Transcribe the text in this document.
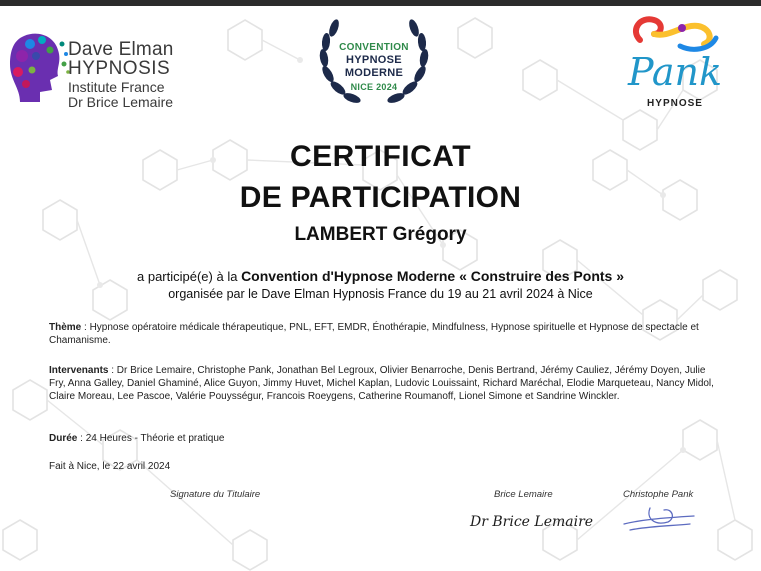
Dave Elman
HYPNOSIS
Institute France
Dr Brice Lemaire
CONVENTION
HYPNOSE
MODERNE
NICE 2024	Pank
HYPNOSE
CERTIFICAT
DE PARTICIPATION
LAMBERT Grégory
a participé(e) à la Convention d'Hypnose Moderne « Construire des Ponts »
organisée par le Dave Elman Hypnosis France du 19 au 21 avril 2024 à Nice
Thème : Hypnose opératoire médicale thérapeutique, PNL, EFT, EMDR, Énothérapie, Mindfulness, Hypnose spirituelle et Hypnose de spectacle et Chamanisme.
Intervenants : Dr Brice Lemaire, Christophe Pank, Jonathan Bel Legroux, Olivier Benarroche, Denis Bertrand, Jérémy Cauliez, Jérémy Doyen, Julie Fry, Anna Galley, Daniel Ghaminé, Alice Guyon, Jimmy Huvet, Michel Kaplan, Ludovic Louissaint, Richard Maréchal, Elodie Marqueteau, Nancy Midol, Claire Moreau, Lee Pascoe, Valérie Pouysségur, Francois Roeygens, Catherine Roumanoff, Lionel Simone et Sandrine Winckler.
Durée : 24 Heures - Théorie et pratique
Fait à Nice, le 22 avril 2024
Signature du Titulaire	Brice Lemaire	Christophe Pank
Dr Brice Lemaire
